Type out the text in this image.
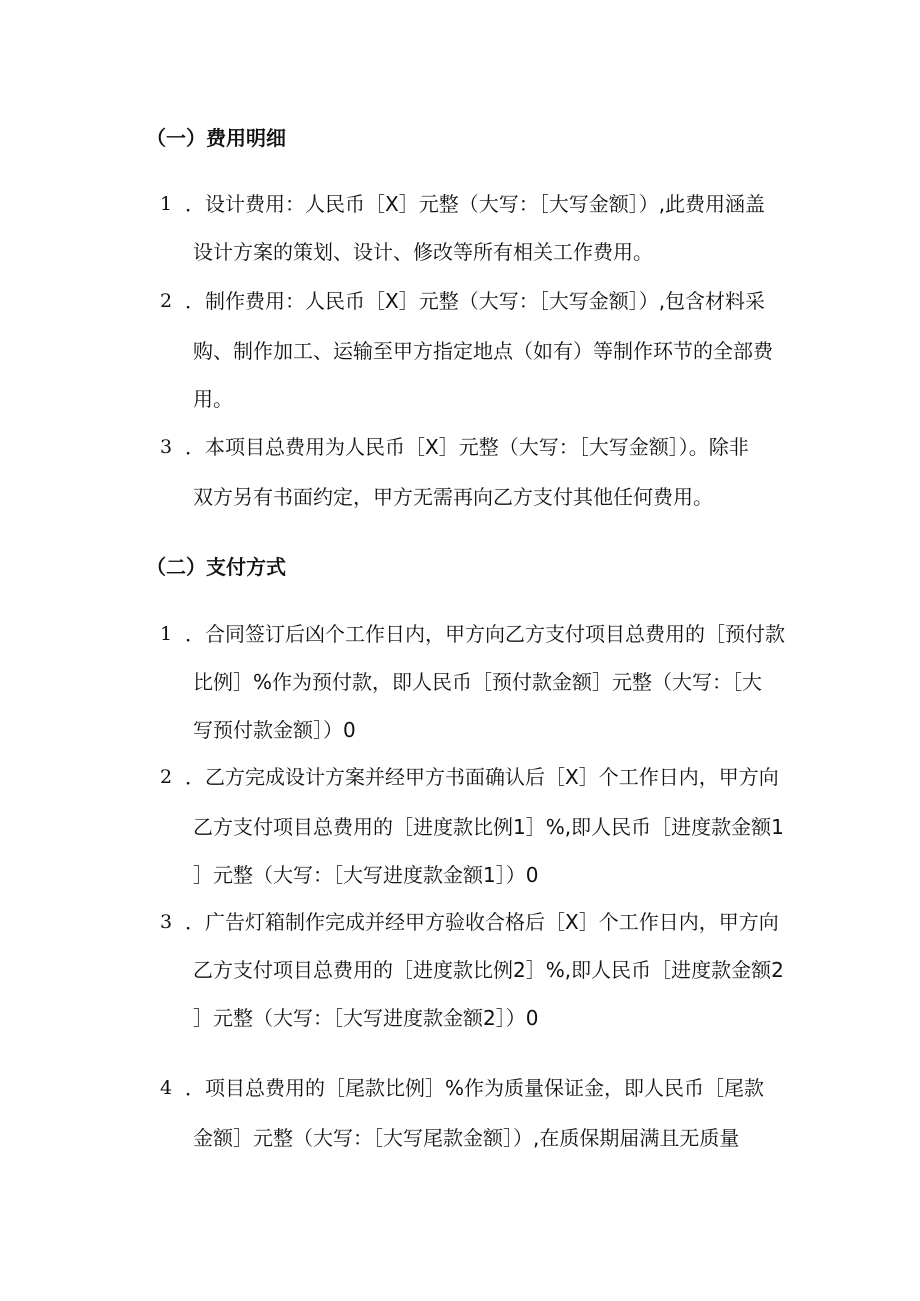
（一）费用明细
1 ．设计费用：人民币［X］元整（大写：［大写金额］）,此费用涵盖
设计方案的策划、设计、修改等所有相关工作费用。
2 ．制作费用：人民币［X］元整（大写：［大写金额］）,包含材料采
购、制作加工、运输至甲方指定地点（如有）等制作环节的全部费
用。
3 ．本项目总费用为人民币［X］元整（大写：［大写金额］）。除非
双方另有书面约定，甲方无需再向乙方支付其他任何费用。
（二）支付方式
1 ．合同签订后凶个工作日内，甲方向乙方支付项目总费用的［预付款
比例］%作为预付款，即人民币［预付款金额］元整（大写：［大
写预付款金额］）0
2 ．乙方完成设计方案并经甲方书面确认后［X］个工作日内，甲方向
乙方支付项目总费用的［进度款比例1］%,即人民币［进度款金额1
］元整（大写：［大写进度款金额1］）0
3 ．广告灯箱制作完成并经甲方验收合格后［X］个工作日内，甲方向
乙方支付项目总费用的［进度款比例2］%,即人民币［进度款金额2
］元整（大写：［大写进度款金额2］）0
4 ．项目总费用的［尾款比例］%作为质量保证金，即人民币［尾款
金额］元整（大写：［大写尾款金额］）,在质保期届满且无质量
